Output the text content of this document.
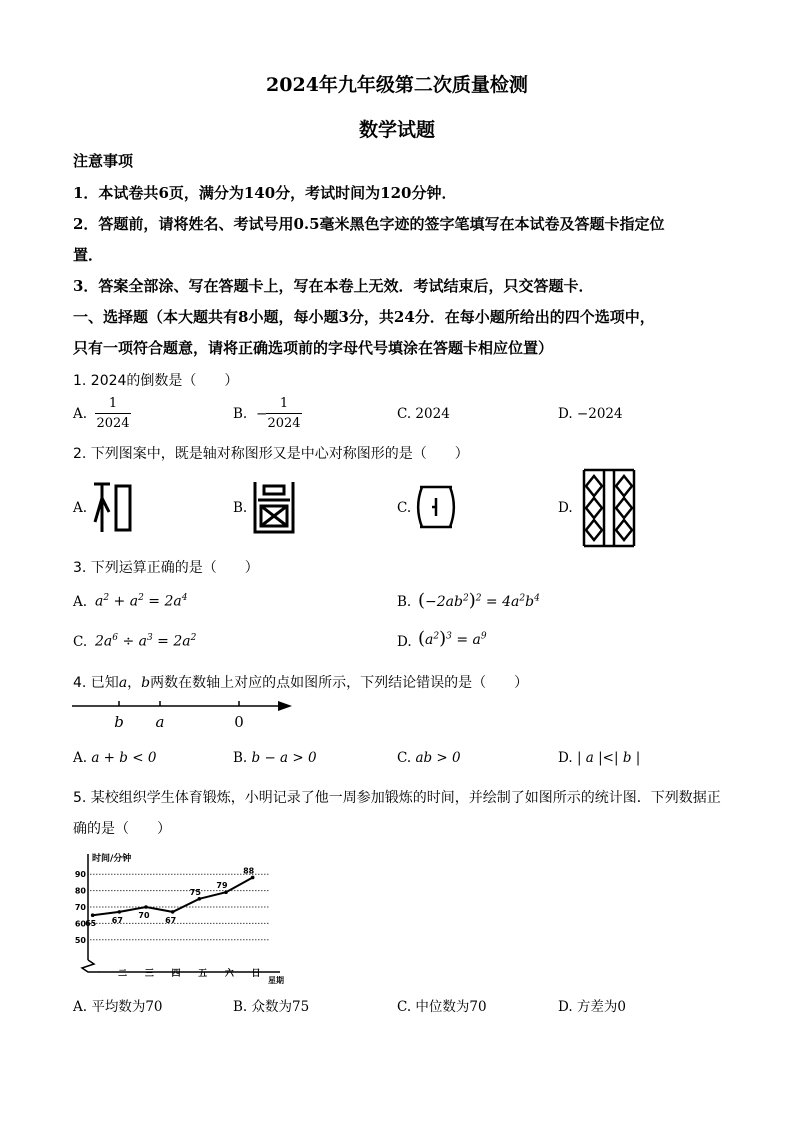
2024年九年级第二次质量检测
数学试题
注意事项
1．本试卷共6页，满分为140分，考试时间为120分钟．
2．答题前，请将姓名、考试号用0.5毫米黑色字迹的签字笔填写在本试卷及答题卡指定位
置．
3．答案全部涂、写在答题卡上，写在本卷上无效．考试结束后，只交答题卡．
一、选择题（本大题共有8小题，每小题3分，共24分．在每小题所给出的四个选项中，
只有一项符合题意，请将正确选项前的字母代号填涂在答题卡相应位置）
1. 2024的倒数是（　　）
A.
1
2024
B. −
1
2024
C. 2024	D. −2024
2. 下列图案中，既是轴对称图形又是中心对称图形的是（　　）
A.	B.	C.	D.
3. 下列运算正确的是（　　）
A. $a^2 + a^2 = 2a^4$	B. $(-2ab^2)^2 = 4a^2b^4$
C. $2a^6 \div a^3 = 2a^2$	D. $(a^2)^3 = a^9$
4. 已知a，b两数在数轴上对应的点如图所示，下列结论错误的是（　　）
b a	0
A. a + b < 0	B. b − a > 0	C. ab > 0	D. | a |<| b |
5. 某校组织学生体育锻炼，小明记录了他一周参加锻炼的时间，并绘制了如图所示的统计图．下列数据正
确的是（　　）
时间/分钟
星期
50
60
70
80
90
一 二 三 四 五 六 日
65 67
70
67
75
79
88
A. 平均数为70	B. 众数为75	C. 中位数为70	D. 方差为0
